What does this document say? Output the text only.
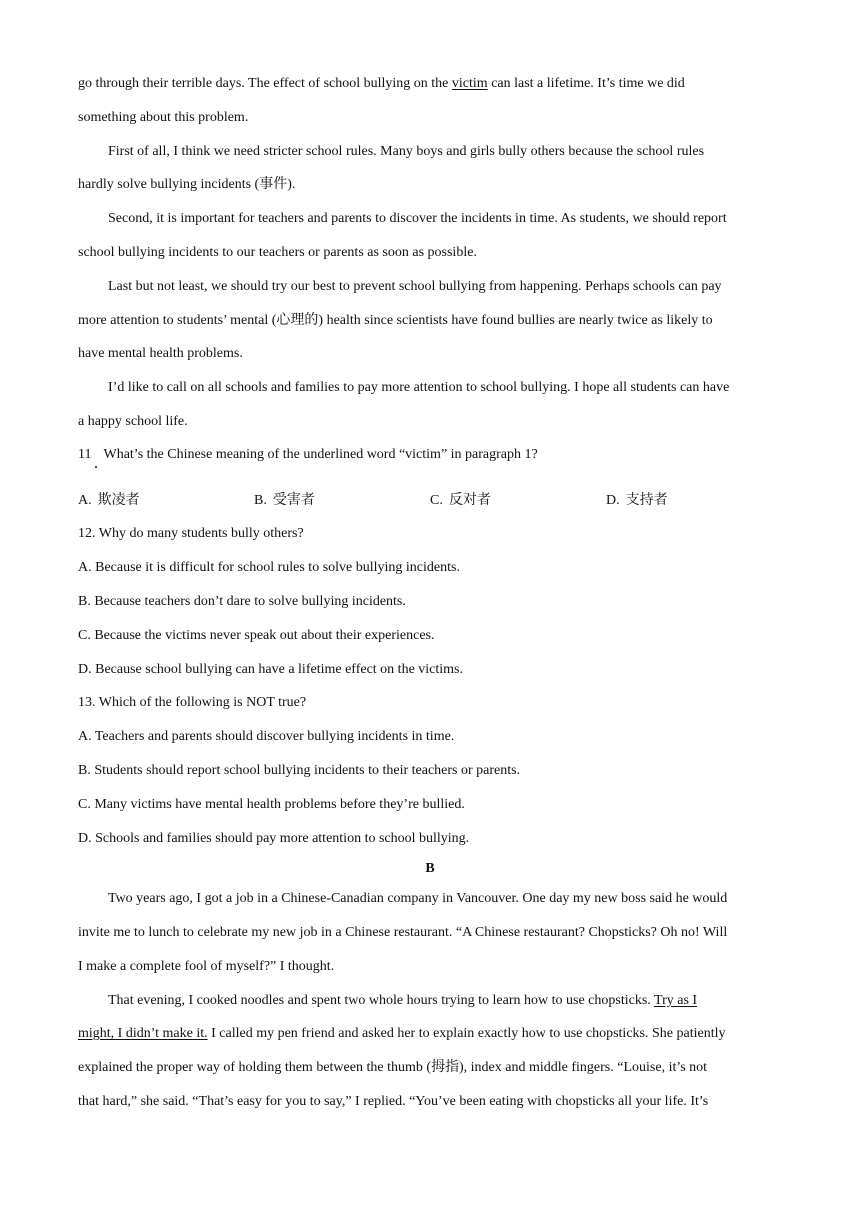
go through their terrible days. The effect of school bullying on the victim can last a lifetime. It’s time we did
something about this problem.
First of all, I think we need stricter school rules. Many boys and girls bully others because the school rules
hardly solve bullying incidents (事件).
Second, it is important for teachers and parents to discover the incidents in time. As students, we should report
school bullying incidents to our teachers or parents as soon as possible.
Last but not least, we should try our best to prevent school bullying from happening. Perhaps schools can pay
more attention to students’ mental (心理的) health since scientists have found bullies are nearly twice as likely to
have mental health problems.
I’d like to call on all schools and families to pay more attention to school bullying. I hope all students can have
a happy school life.
11 What’s the Chinese meaning of the underlined word “victim” in paragraph 1?
A. 欺凌者	B. 受害者	C. 反对者	D. 支持者
12. Why do many students bully others?
A. Because it is difficult for school rules to solve bullying incidents.
B. Because teachers don’t dare to solve bullying incidents.
C. Because the victims never speak out about their experiences.
D. Because school bullying can have a lifetime effect on the victims.
13. Which of the following is NOT true?
A. Teachers and parents should discover bullying incidents in time.
B. Students should report school bullying incidents to their teachers or parents.
C. Many victims have mental health problems before they’re bullied.
D. Schools and families should pay more attention to school bullying.
B
Two years ago, I got a job in a Chinese-Canadian company in Vancouver. One day my new boss said he would
invite me to lunch to celebrate my new job in a Chinese restaurant. “A Chinese restaurant? Chopsticks? Oh no! Will
I make a complete fool of myself?” I thought.
That evening, I cooked noodles and spent two whole hours trying to learn how to use chopsticks. Try as I
might, I didn’t make it. I called my pen friend and asked her to explain exactly how to use chopsticks. She patiently
explained the proper way of holding them between the thumb (拇指), index and middle fingers. “Louise, it’s not
that hard,” she said. “That’s easy for you to say,” I replied. “You’ve been eating with chopsticks all your life. It’s
